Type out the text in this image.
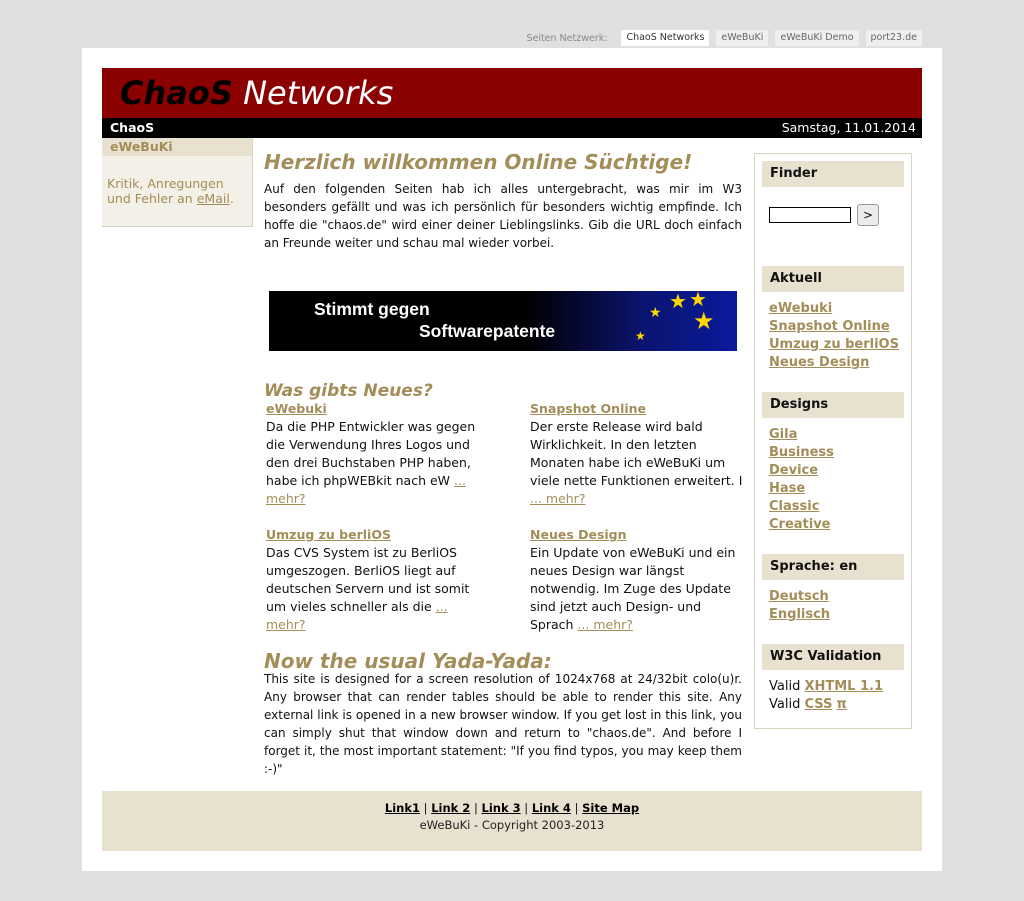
Seiten Netzwerk:	ChaoS Networks	eWeBuKi	eWeBuKi Demo	port23.de
ChaoS Networks
ChaoS	Samstag, 11.01.2014
eWeBuKi
Kritik, Anregungen und Fehler an eMail.
Herzlich willkommen Online Süchtige!

Auf den folgenden Seiten hab ich alles untergebracht, was mir im W3 besonders gefällt und was ich persönlich für besonders wichtig empfinde. Ich hoffe die "chaos.de" wird einer deiner Lieblingslinks. Gib die URL doch einfach an Freunde weiter und schau mal wieder vorbei.

Stimmt gegen
Softwarepatente
★ ★
★ ★
★
Was gibts Neues?
eWebuki

Da die PHP Entwickler was gegen die Verwendung Ihres Logos und den drei Buchstaben PHP haben, habe ich phpWEBkit nach eW ... mehr?

Snapshot Online

Der erste Release wird bald Wirklichkeit. In den letzten Monaten habe ich eWeBuKi um viele nette Funktionen erweitert. I ... mehr?

Umzug zu berliOS

Das CVS System ist zu BerliOS umgeszogen. BerliOS liegt auf deutschen Servern und ist somit um vieles schneller als die ... mehr?

Neues Design

Ein Update von eWeBuKi und ein neues Design war längst notwendig. Im Zuge des Update sind jetzt auch Design- und Sprach ... mehr?

Now the usual Yada-Yada:

This site is designed for a screen resolution of 1024x768 at 24/32bit colo(u)r. Any browser that can render tables should be able to render this site. Any external link is opened in a new browser window. If you get lost in this link, you can simply shut that window down and return to "chaos.de". And before I forget it, the most important statement: "If you find typos, you may keep them :-)"

Finder
>
Aktuell
eWebuki
Snapshot Online
Umzug zu berliOS
Neues Design
Designs
Gila
Business
Device
Hase
Classic
Creative
Sprache: en
Deutsch
Englisch
W3C Validation
Valid XHTML 1.1
Valid CSS π
Link1 | Link 2 | Link 3 | Link 4 | Site Map
eWeBuKi - Copyright 2003-2013
